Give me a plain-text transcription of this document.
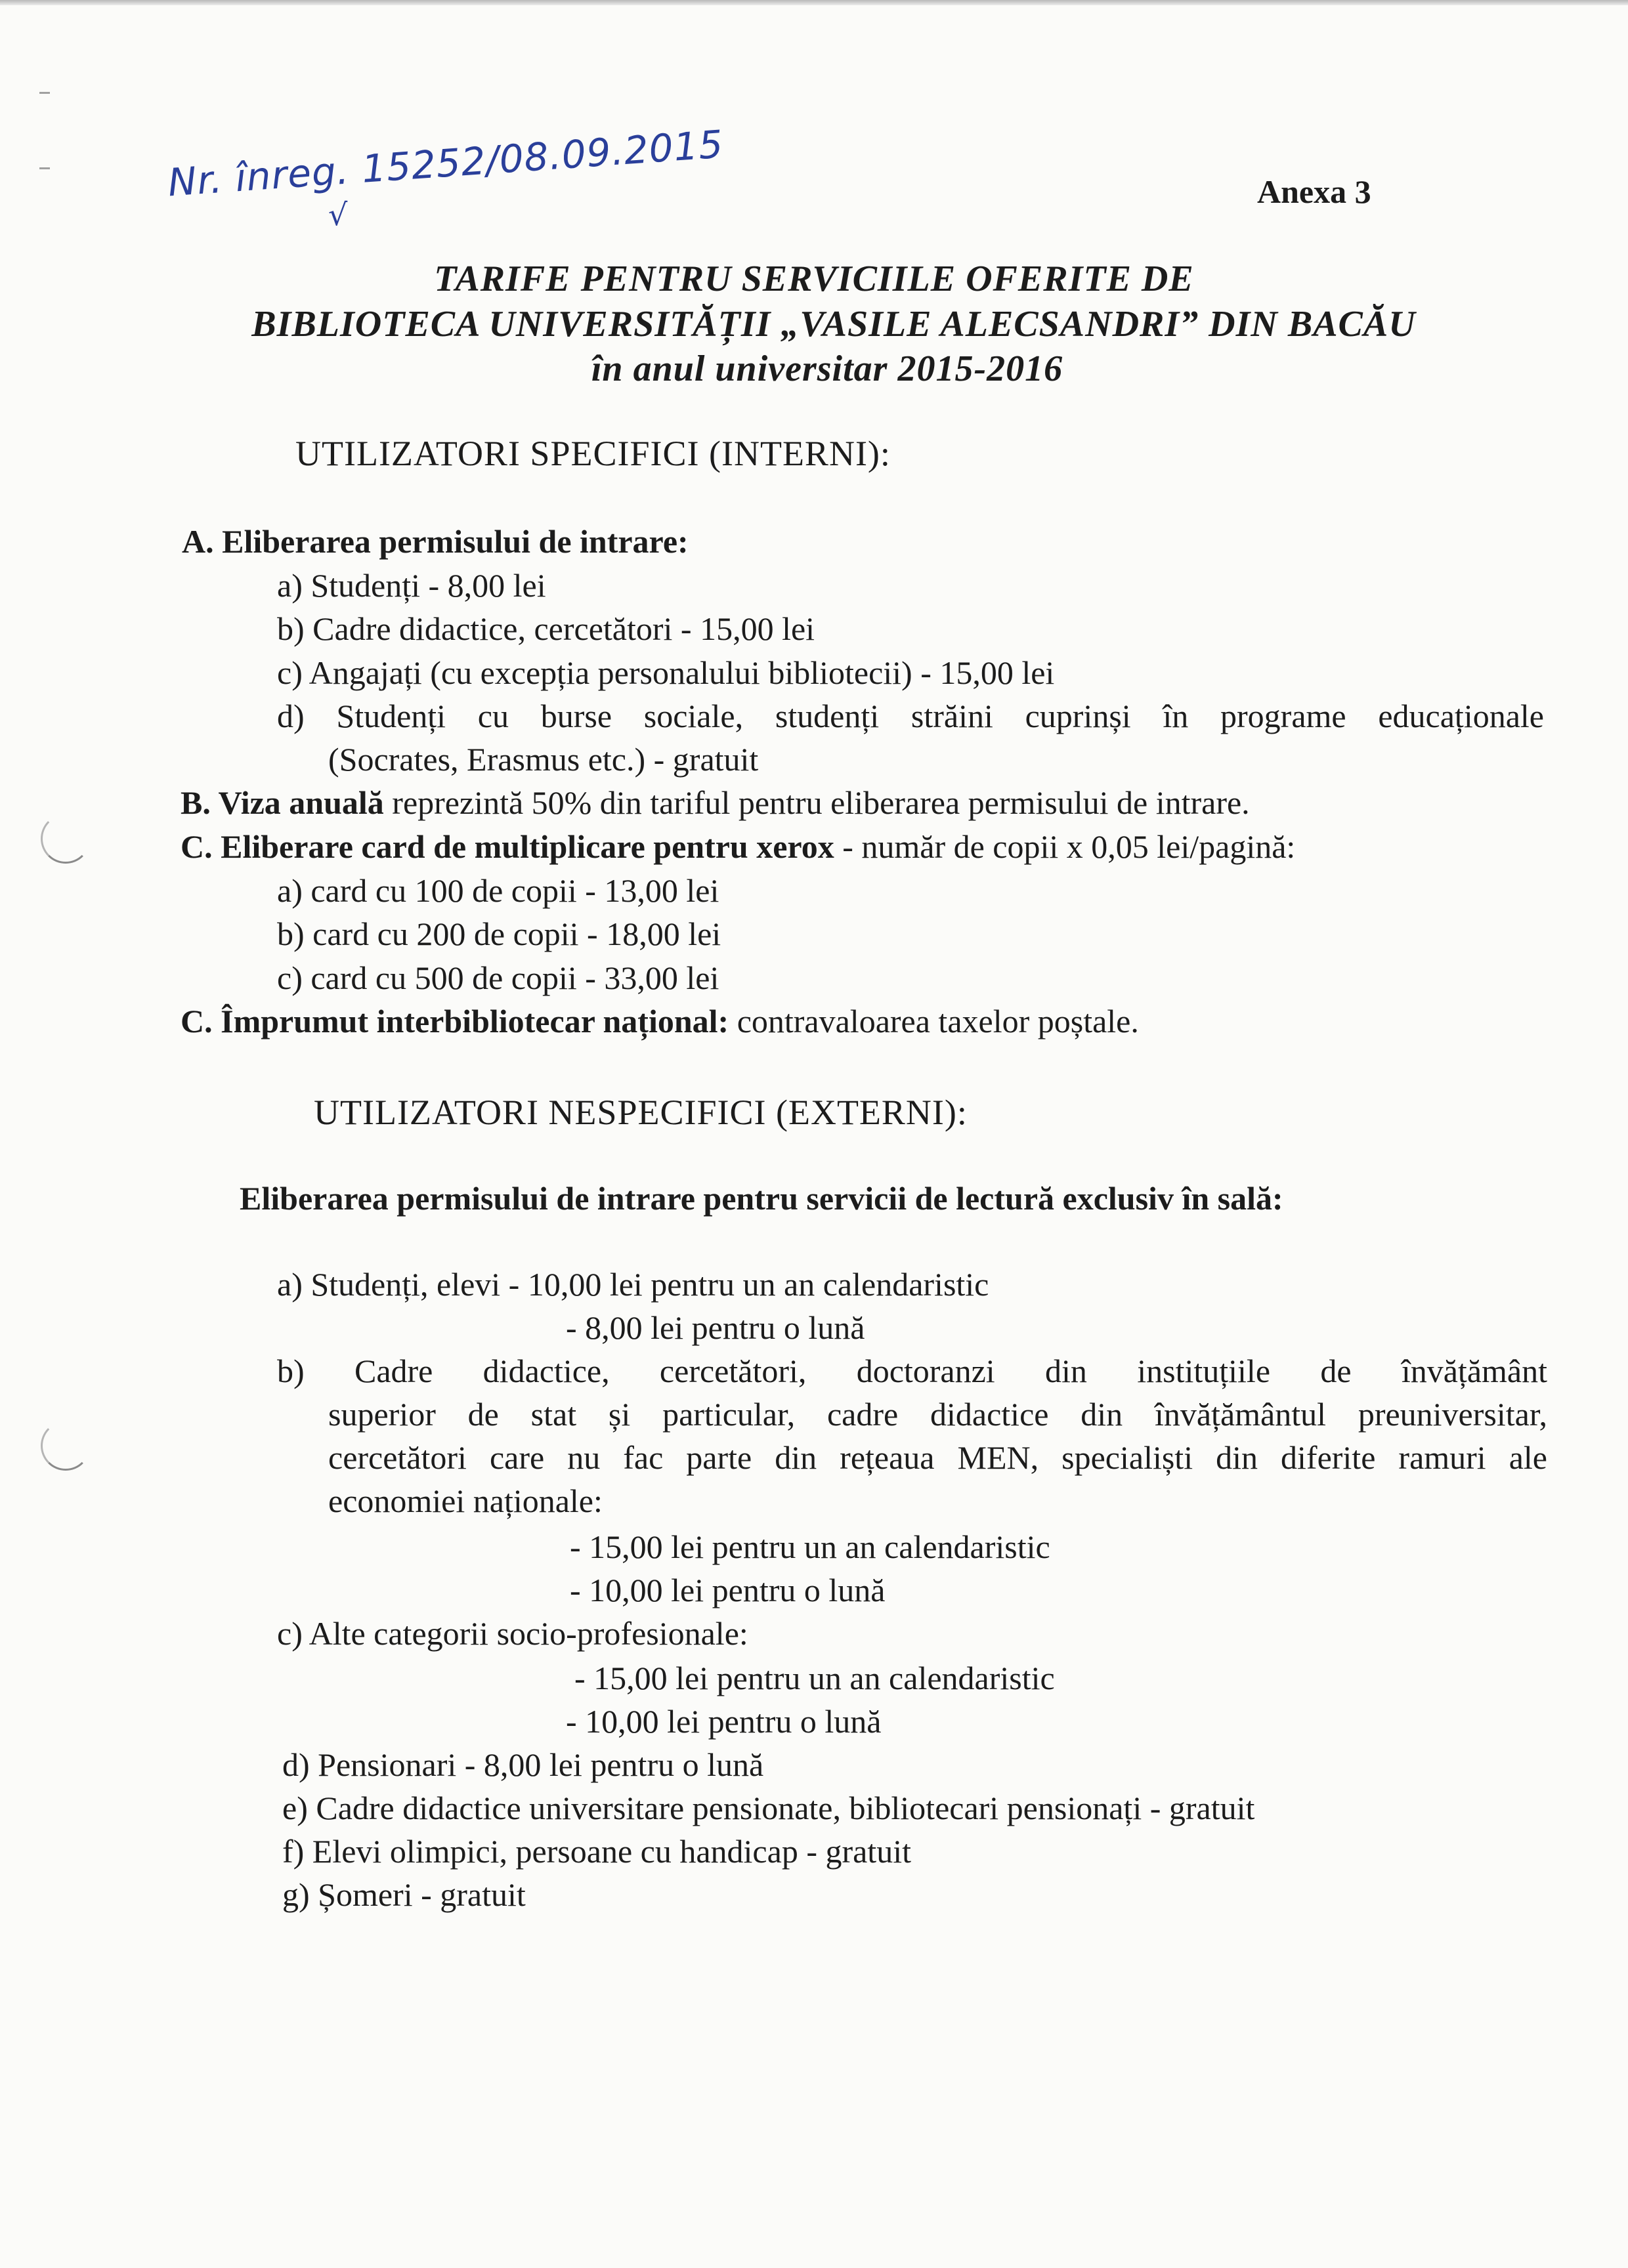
Nr. înreg. 15252/08.09.2015
√
Anexa 3
TARIFE PENTRU SERVICIILE OFERITE DE
BIBLIOTECA UNIVERSITĂȚII „VASILE ALECSANDRI” DIN BACĂU
în anul universitar 2015-2016
UTILIZATORI SPECIFICI (INTERNI):
A. Eliberarea permisului de intrare:
a) Studenți - 8,00 lei
b) Cadre didactice, cercetători - 15,00 lei
c) Angajați (cu excepția personalului bibliotecii) - 15,00 lei
d) Studenți cu burse sociale, studenți străini cuprinși în programe educaționale
(Socrates, Erasmus etc.) - gratuit
B. Viza anuală reprezintă 50% din tariful pentru eliberarea permisului de intrare.
C. Eliberare card de multiplicare pentru xerox - număr de copii x 0,05 lei/pagină:
a) card cu 100 de copii - 13,00 lei
b) card cu 200 de copii - 18,00 lei
c) card cu 500 de copii - 33,00 lei
C. Împrumut interbibliotecar național: contravaloarea taxelor poștale.
UTILIZATORI NESPECIFICI (EXTERNI):
Eliberarea permisului de intrare pentru servicii de lectură exclusiv în sală:
a) Studenți, elevi - 10,00 lei pentru un an calendaristic
- 8,00 lei pentru o lună
b) Cadre didactice, cercetători, doctoranzi din instituțiile de învățământ
superior de stat și particular, cadre didactice din învățământul preuniversitar,
cercetători care nu fac parte din rețeaua MEN, specialiști din diferite ramuri ale
economiei naționale:
- 15,00 lei pentru un an calendaristic
- 10,00 lei pentru o lună
c) Alte categorii socio-profesionale:
- 15,00 lei pentru un an calendaristic
- 10,00 lei pentru o lună
d) Pensionari - 8,00 lei pentru o lună
e) Cadre didactice universitare pensionate, bibliotecari pensionați - gratuit
f) Elevi olimpici, persoane cu handicap - gratuit
g) Șomeri - gratuit
